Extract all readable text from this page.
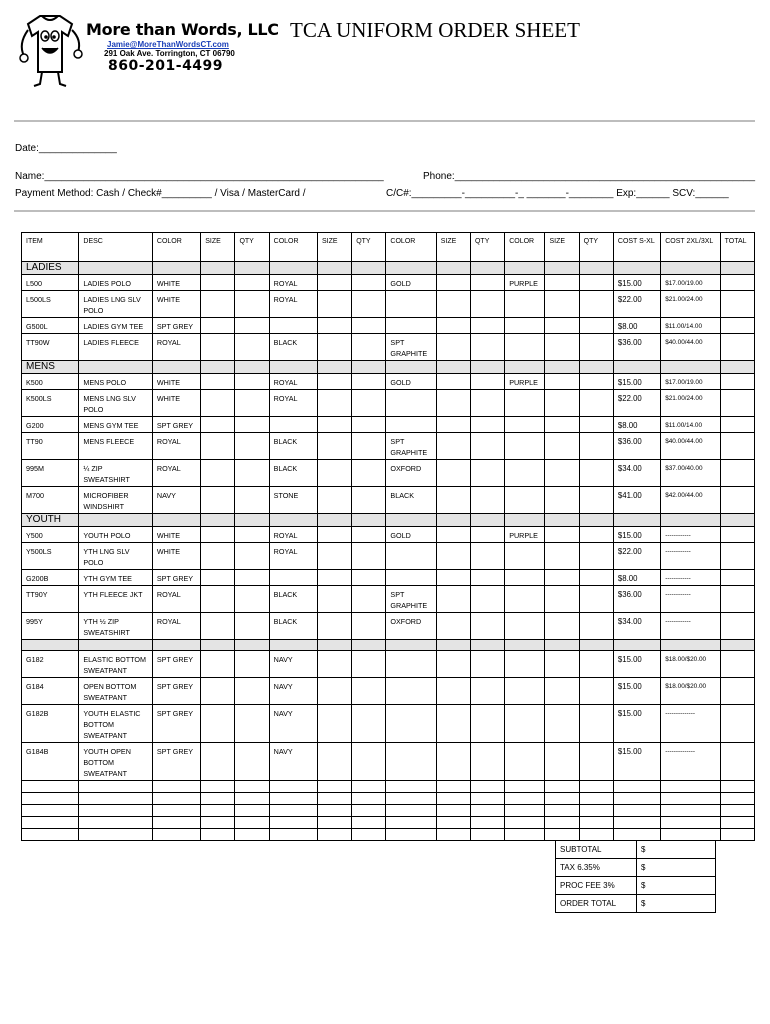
More than Words, LLC
Jamie@MoreThanWordsCT.com
291 Oak Ave. Torrington, CT 06790
860-201-4499
TCA UNIFORM ORDER SHEET
Date:______________
Name:_____________________________________________________________	Phone:______________________________________________________
Payment Method: Cash / Check#_________ / Visa / MasterCard /	C/C#:_________-_________-_ _______-________ Exp:______ SCV:______
ITEM	DESC	COLOR	SIZE	QTY	COLOR	SIZE	QTY	COLOR	SIZE	QTY	COLOR	SIZE	QTY	COST S-XL	COST 2XL/3XL	TOTAL
LADIES																
L500	LADIES POLO	WHITE			ROYAL			GOLD			PURPLE			$15.00	$17.00/19.00	
L500LS	LADIES LNG SLV POLO	WHITE			ROYAL									$22.00	$21.00/24.00	
G500L	LADIES GYM TEE	SPT GREY												$8.00	$11.00/14.00	
TT90W	LADIES FLEECE	ROYAL			BLACK			SPT GRAPHITE						$36.00	$40.00/44.00	
MENS																
K500	MENS POLO	WHITE			ROYAL			GOLD			PURPLE			$15.00	$17.00/19.00	
K500LS	MENS LNG SLV POLO	WHITE			ROYAL									$22.00	$21.00/24.00	
G200	MENS GYM TEE	SPT GREY												$8.00	$11.00/14.00	
TT90	MENS FLEECE	ROYAL			BLACK			SPT GRAPHITE						$36.00	$40.00/44.00	
995M	¼ ZIP SWEATSHIRT	ROYAL			BLACK			OXFORD						$34.00	$37.00/40.00	
M700	MICROFIBER WINDSHIRT	NAVY			STONE			BLACK						$41.00	$42.00/44.00	
YOUTH																
Y500	YOUTH POLO	WHITE			ROYAL			GOLD			PURPLE			$15.00	------------	
Y500LS	YTH LNG SLV POLO	WHITE			ROYAL									$22.00	------------	
G200B	YTH GYM TEE	SPT GREY												$8.00	------------	
TT90Y	YTH FLEECE JKT	ROYAL			BLACK			SPT GRAPHITE						$36.00	------------	
995Y	YTH ½ ZIP SWEATSHIRT	ROYAL			BLACK			OXFORD						$34.00	------------	

G182	ELASTIC BOTTOM SWEATPANT	SPT GREY			NAVY									$15.00	$18.00/$20.00	
G184	OPEN BOTTOM SWEATPANT	SPT GREY			NAVY									$15.00	$18.00/$20.00	
G182B	YOUTH ELASTIC BOTTOM SWEATPANT	SPT GREY			NAVY									$15.00	--------------	
G184B	YOUTH OPEN BOTTOM SWEATPANT	SPT GREY			NAVY									$15.00	--------------	

SUBTOTAL	$
TAX 6.35%	$
PROC FEE 3%	$
ORDER TOTAL	$
